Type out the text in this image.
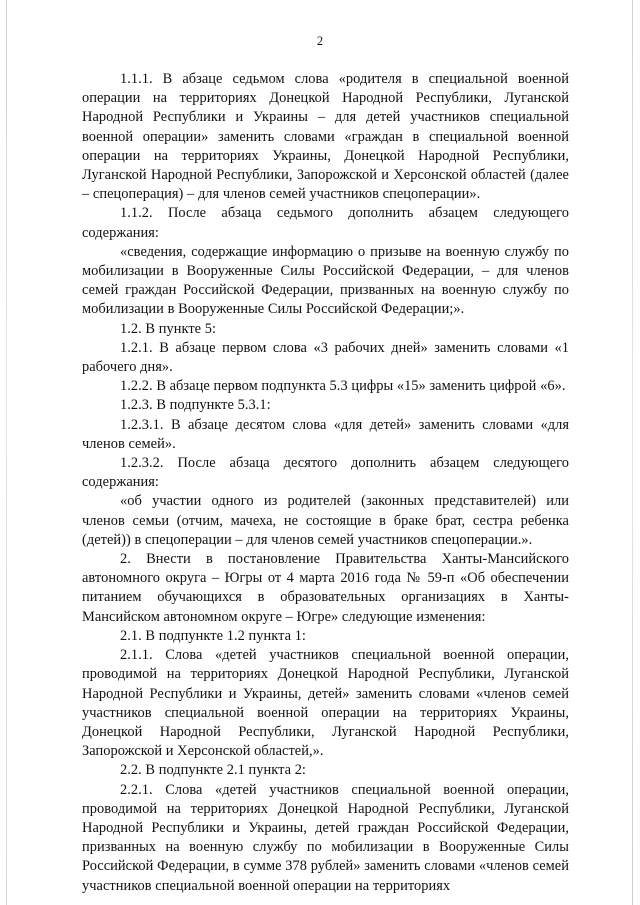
2

1.1.1. В абзаце седьмом слова «родителя в специальной военной операции на территориях Донецкой Народной Республики, Луганской Народной Республики и Украины – для детей участников специальной военной операции» заменить словами «граждан в специальной военной операции на территориях Украины, Донецкой Народной Республики, Луганской Народной Республики, Запорожской и Херсонской областей (далее – спецоперация) – для членов семей участников спецоперации».

1.1.2. После абзаца седьмого дополнить абзацем следующего содержания:

«сведения, содержащие информацию о призыве на военную службу по мобилизации в Вооруженные Силы Российской Федерации, – для членов семей граждан Российской Федерации, призванных на военную службу по мобилизации в Вооруженные Силы Российской Федерации;».

1.2. В пункте 5:

1.2.1. В абзаце первом слова «3 рабочих дней» заменить словами «1 рабочего дня».

1.2.2. В абзаце первом подпункта 5.3 цифры «15» заменить цифрой «6».

1.2.3. В подпункте 5.3.1:

1.2.3.1. В абзаце десятом слова «для детей» заменить словами «для членов семей».

1.2.3.2. После абзаца десятого дополнить абзацем следующего содержания:

«об участии одного из родителей (законных представителей) или членов семьи (отчим, мачеха, не состоящие в браке брат, сестра ребенка (детей)) в спецоперации – для членов семей участников спецоперации.».

2. Внести в постановление Правительства Ханты-Мансийского автономного округа – Югры от 4 марта 2016 года № 59-п «Об обеспечении питанием обучающихся в образовательных организациях в Ханты-Мансийском автономном округе – Югре» следующие изменения:

2.1. В подпункте 1.2 пункта 1:

2.1.1. Слова «детей участников специальной военной операции, проводимой на территориях Донецкой Народной Республики, Луганской Народной Республики и Украины, детей» заменить словами «членов семей участников специальной военной операции на территориях Украины, Донецкой Народной Республики, Луганской Народной Республики, Запорожской и Херсонской областей,».

2.2. В подпункте 2.1 пункта 2:

2.2.1. Слова «детей участников специальной военной операции, проводимой на территориях Донецкой Народной Республики, Луганской Народной Республики и Украины, детей граждан Российской Федерации, призванных на военную службу по мобилизации в Вооруженные Силы Российской Федерации, в сумме 378 рублей» заменить словами «членов семей участников специальной военной операции на территориях
